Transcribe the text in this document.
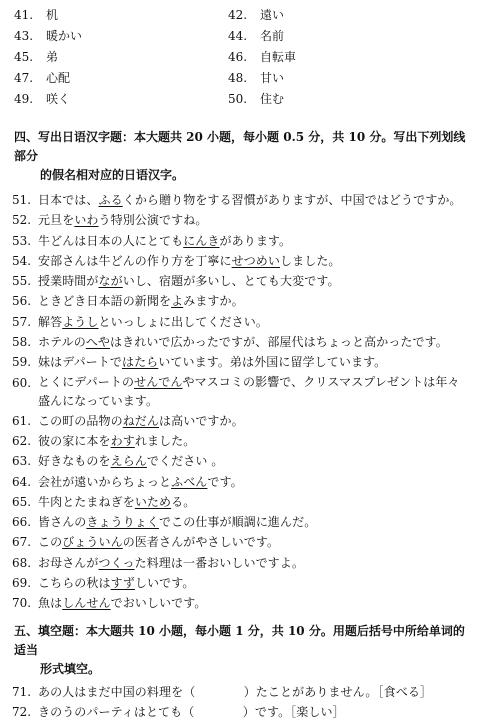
41. 机	42. 遠い
43. 暖かい	44. 名前
45. 弟	46. 自転車
47. 心配	48. 甘い
49. 咲く	50. 住む
四、写出日语汉字题：本大题共 20 小题，每小题 0.5 分，共 10 分。写出下列划线部分
的假名相对应的日语汉字。
51. 日本では、ふるくから贈り物をする習慣がありますが、中国ではどうですか。
52. 元旦をいわう特別公演ですね。
53. 牛どんは日本の人にとてもにんきがあります。
54. 安部さんは牛どんの作り方を丁寧にせつめいしました。
55. 授業時間がながいし、宿題が多いし、とても大変です。
56. ときどき日本語の新聞をよみますか。
57. 解答ようしといっしょに出してください。
58. ホテルのへやはきれいで広かったですが、部屋代はちょっと高かったです。
59. 妹はデパートではたらいています。弟は外国に留学しています。
60. とくにデパートのせんでんやマスコミの影響で、クリスマスプレゼントは年々盛んになっています。
61. この町の品物のねだんは高いですか。
62. 彼の家に本をわすれました。
63. 好きなものをえらんでください 。
64. 会社が遠いからちょっとふべんです。
65. 牛肉とたまねぎをいためる。
66. 皆さんのきょうりょくでこの仕事が順調に進んだ。
67. このびょういんの医者さんがやさしいです。
68. お母さんがつくった料理は一番おいしいですよ。
69. こちらの秋はすずしいです。
70. 魚はしんせんでおいしいです。
五、填空题：本大题共 10 小题，每小题 1 分，共 10 分。用题后括号中所给单词的适当
形式填空。
71. あの人はまだ中国の料理を（　　　　）たことがありません。［食べる］
72. きのうのパーティはとても（　　　　）です。［楽しい］
